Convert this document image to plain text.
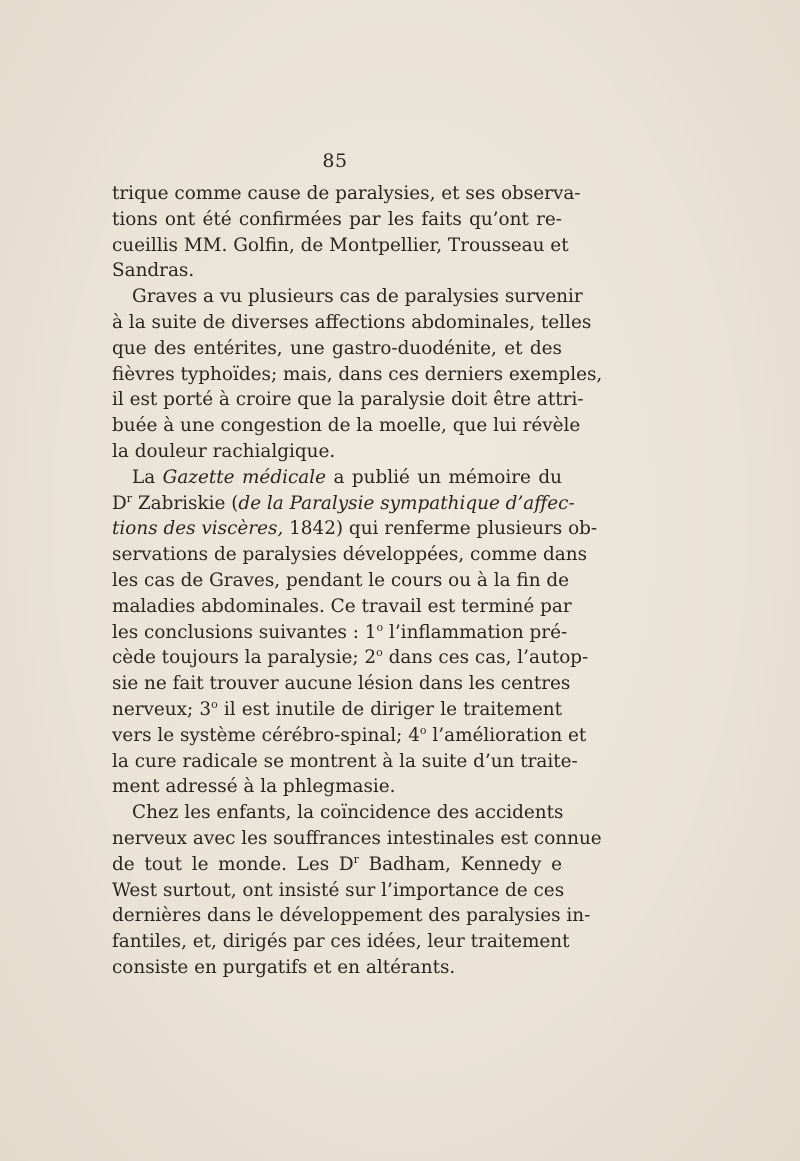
85
trique comme cause de paralysies, et ses observa-
tions ont été confirmées par les faits qu’ont re-
cueillis MM. Golfin, de Montpellier, Trousseau et
Sandras.
Graves a vu plusieurs cas de paralysies survenir
à la suite de diverses affections abdominales, telles
que des entérites, une gastro-duodénite, et des
fièvres typhoïdes; mais, dans ces derniers exemples,
il est porté à croire que la paralysie doit être attri-
buée à une congestion de la moelle, que lui révèle
la douleur rachialgique.
La Gazette médicale a publié un mémoire du
$D^r$ Zabriskie (de la Paralysie sympathique d’affec-
tions des viscères, 1842) qui renferme plusieurs ob-
servations de paralysies développées, comme dans
les cas de Graves, pendant le cours ou à la fin de
maladies abdominales. Ce travail est terminé par
les conclusions suivantes : 1$^o$ l’inflammation pré-
cède toujours la paralysie; 2$^o$ dans ces cas, l’autop-
sie ne fait trouver aucune lésion dans les centres
nerveux; 3$^o$ il est inutile de diriger le traitement
vers le système cérébro-spinal; 4$^o$ l’amélioration et
la cure radicale se montrent à la suite d’un traite-
ment adressé à la phlegmasie.
Chez les enfants, la coïncidence des accidents
nerveux avec les souffrances intestinales est connue
de tout le monde. Les $D^r$ Badham, Kennedy e
West surtout, ont insisté sur l’importance de ces
dernières dans le développement des paralysies in-
fantiles, et, dirigés par ces idées, leur traitement
consiste en purgatifs et en altérants.
